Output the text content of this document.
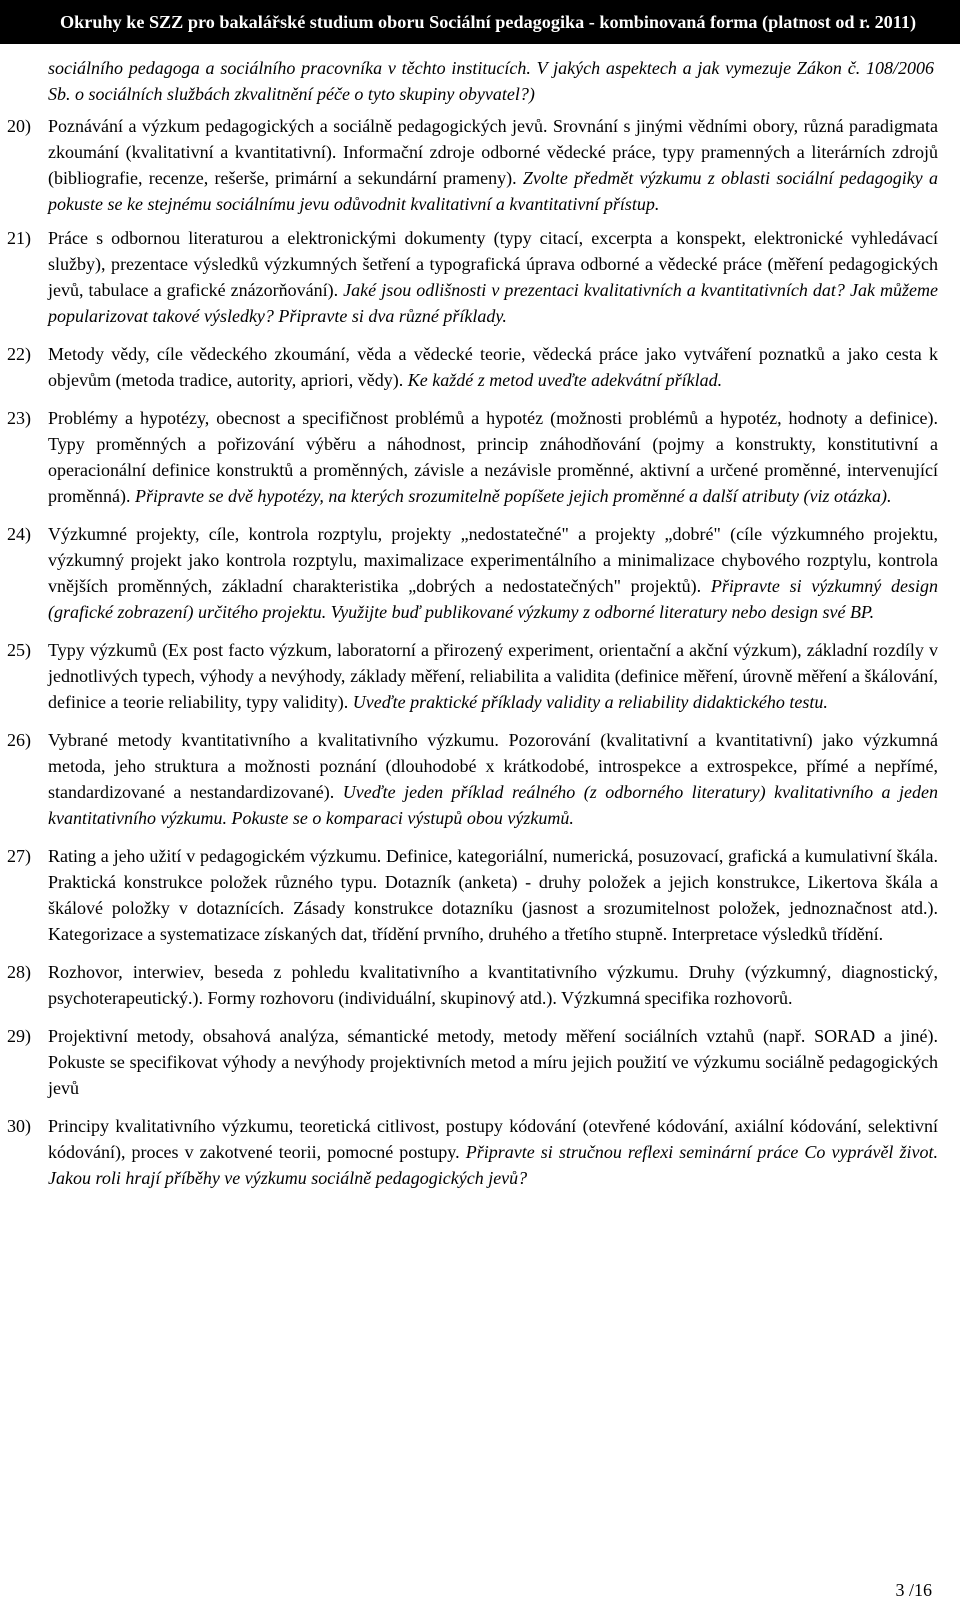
Okruhy ke SZZ pro bakalářské studium oboru Sociální pedagogika - kombinovaná forma (platnost od r. 2011)

sociálního pedagoga a sociálního pracovníka v těchto institucích. V jakých aspektech a jak vymezuje Zákon č. 108/2006 Sb. o sociálních službách zkvalitnění péče o tyto skupiny obyvatel?)

20) Poznávání a výzkum pedagogických a sociálně pedagogických jevů. Srovnání s jinými vědními obory, různá paradigmata zkoumání (kvalitativní a kvantitativní). Informační zdroje odborné vědecké práce, typy pramenných a literárních zdrojů (bibliografie, recenze, rešerše, primární a sekundární prameny). Zvolte předmět výzkumu z oblasti sociální pedagogiky a pokuste se ke stejnému sociálnímu jevu odůvodnit kvalitativní a kvantitativní přístup.
21) Práce s odbornou literaturou a elektronickými dokumenty (typy citací, excerpta a konspekt, elektronické vyhledávací služby), prezentace výsledků výzkumných šetření a typografická úprava odborné a vědecké práce (měření pedagogických jevů, tabulace a grafické znázorňování). Jaké jsou odlišnosti v prezentaci kvalitativních a kvantitativních dat? Jak můžeme popularizovat takové výsledky? Připravte si dva různé příklady.
22) Metody vědy, cíle vědeckého zkoumání, věda a vědecké teorie, vědecká práce jako vytváření poznatků a jako cesta k objevům (metoda tradice, autority, apriori, vědy). Ke každé z metod uveďte adekvátní příklad.
23) Problémy a hypotézy, obecnost a specifičnost problémů a hypotéz (možnosti problémů a hypotéz, hodnoty a definice). Typy proměnných a pořizování výběru a náhodnost, princip znáhodňování (pojmy a konstrukty, konstitutivní a operacionální definice konstruktů a proměnných, závisle a nezávisle proměnné, aktivní a určené proměnné, intervenující proměnná). Připravte se dvě hypotézy, na kterých srozumitelně popíšete jejich proměnné a další atributy (viz otázka).
24) Výzkumné projekty, cíle, kontrola rozptylu, projekty „nedostatečné" a projekty „dobré" (cíle výzkumného projektu, výzkumný projekt jako kontrola rozptylu, maximalizace experimentálního a minimalizace chybového rozptylu, kontrola vnějších proměnných, základní charakteristika „dobrých a nedostatečných" projektů). Připravte si výzkumný design (grafické zobrazení) určitého projektu. Využijte buď publikované výzkumy z odborné literatury nebo design své BP.
25) Typy výzkumů (Ex post facto výzkum, laboratorní a přirozený experiment, orientační a akční výzkum), základní rozdíly v jednotlivých typech, výhody a nevýhody, základy měření, reliabilita a validita (definice měření, úrovně měření a škálování, definice a teorie reliability, typy validity). Uveďte praktické příklady validity a reliability didaktického testu.
26) Vybrané metody kvantitativního a kvalitativního výzkumu. Pozorování (kvalitativní a kvantitativní) jako výzkumná metoda, jeho struktura a možnosti poznání (dlouhodobé x krátkodobé, introspekce a extrospekce, přímé a nepřímé, standardizované a nestandardizované). Uveďte jeden příklad reálného (z odborného literatury) kvalitativního a jeden kvantitativního výzkumu. Pokuste se o komparaci výstupů obou výzkumů.
27) Rating a jeho užití v pedagogickém výzkumu. Definice, kategoriální, numerická, posuzovací, grafická a kumulativní škála. Praktická konstrukce položek různého typu. Dotazník (anketa) - druhy položek a jejich konstrukce, Likertova škála a škálové položky v dotaznících. Zásady konstrukce dotazníku (jasnost a srozumitelnost položek, jednoznačnost atd.). Kategorizace a systematizace získaných dat, třídění prvního, druhého a třetího stupně. Interpretace výsledků třídění.
28) Rozhovor, interwiev, beseda z pohledu kvalitativního a kvantitativního výzkumu. Druhy (výzkumný, diagnostický, psychoterapeutický.). Formy rozhovoru (individuální, skupinový atd.). Výzkumná specifika rozhovorů.
29) Projektivní metody, obsahová analýza, sémantické metody, metody měření sociálních vztahů (např. SORAD a jiné). Pokuste se specifikovat výhody a nevýhody projektivních metod a míru jejich použití ve výzkumu sociálně pedagogických jevů
30) Principy kvalitativního výzkumu, teoretická citlivost, postupy kódování (otevřené kódování, axiální kódování, selektivní kódování), proces v zakotvené teorii, pomocné postupy. Připravte si stručnou reflexi seminární práce Co vyprávěl život. Jakou roli hrají příběhy ve výzkumu sociálně pedagogických jevů?
3 /16
